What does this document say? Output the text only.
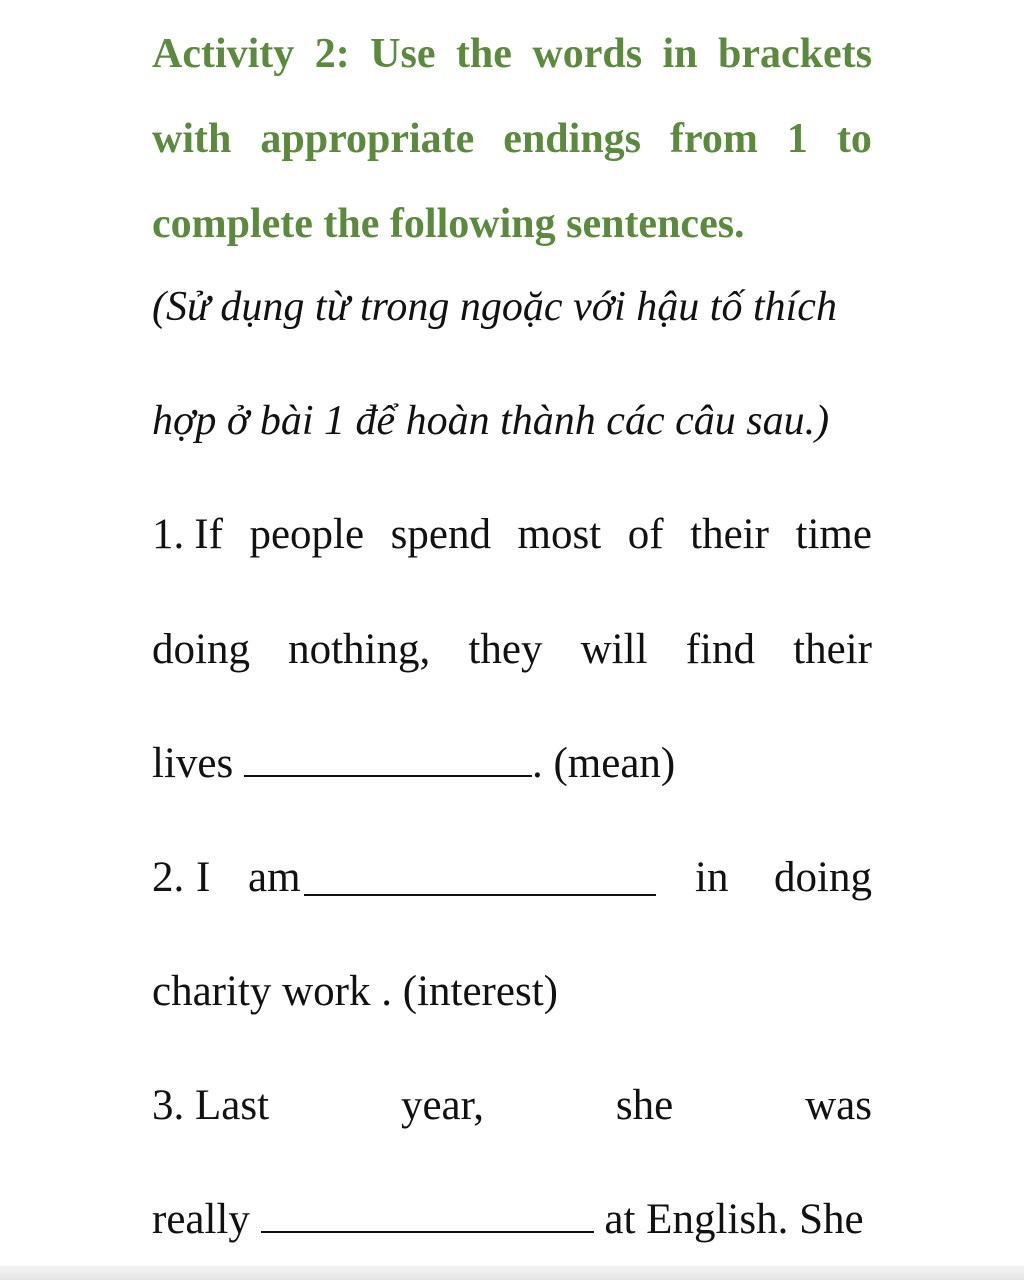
Activity 2: Use the words in brackets
with appropriate endings from 1 to
complete the following sentences.
(Sử dụng từ trong ngoặc với hậu tố thích
hợp ở bài 1 để hoàn thành các câu sau.)
1. If people spend most of their time
doing nothing, they will find their
lives	. (mean)
2. I am	in doing
charity work . (interest)
3. Last	year,	she	was
really	at English. She
